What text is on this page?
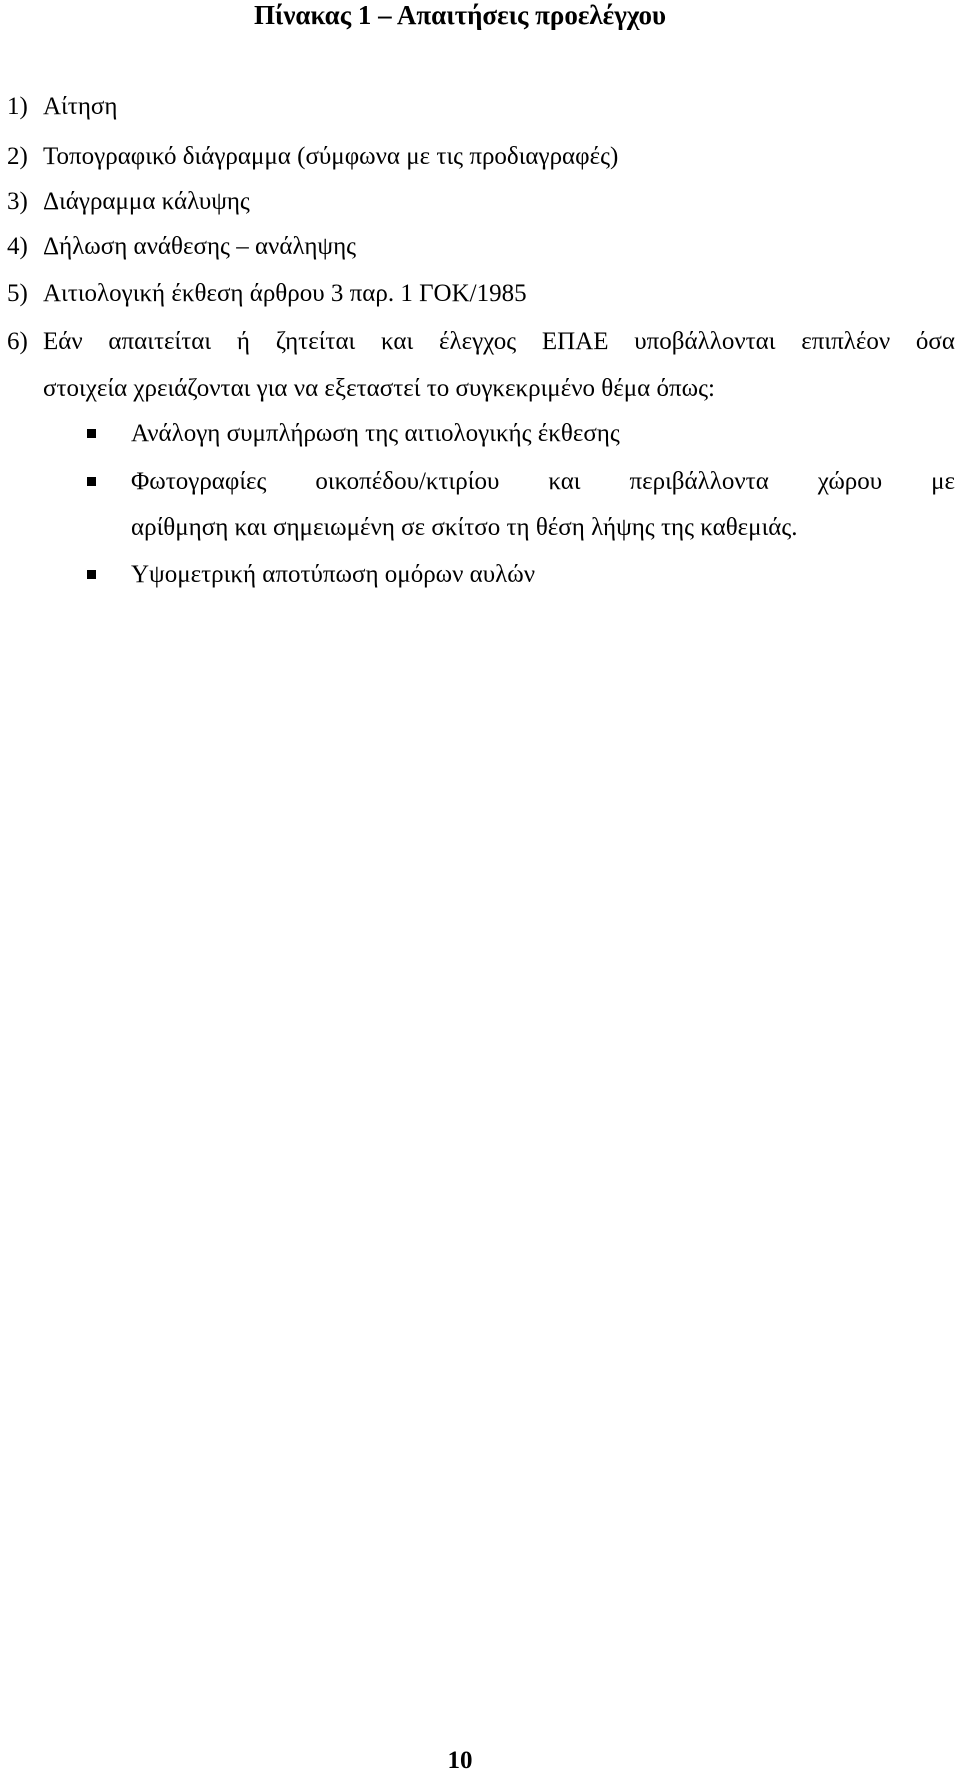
Πίνακας 1 – Απαιτήσεις προελέγχου
1) Αίτηση
2) Τοπογραφικό διάγραμμα (σύμφωνα με τις προδιαγραφές)
3) Διάγραμμα κάλυψης
4) Δήλωση ανάθεσης – ανάληψης
5) Αιτιολογική έκθεση άρθρου 3 παρ. 1 ΓΟΚ/1985
6) Εάν απαιτείται ή ζητείται και έλεγχος ΕΠΑΕ υποβάλλονται επιπλέον όσα
στοιχεία χρειάζονται για να εξεταστεί το συγκεκριμένο θέμα όπως:
Ανάλογη συμπλήρωση της αιτιολογικής έκθεσης
Φωτογραφίες οικοπέδου/κτιρίου και περιβάλλοντα χώρου με
αρίθμηση και σημειωμένη σε σκίτσο τη θέση λήψης της καθεμιάς.
Υψομετρική αποτύπωση ομόρων αυλών
10
